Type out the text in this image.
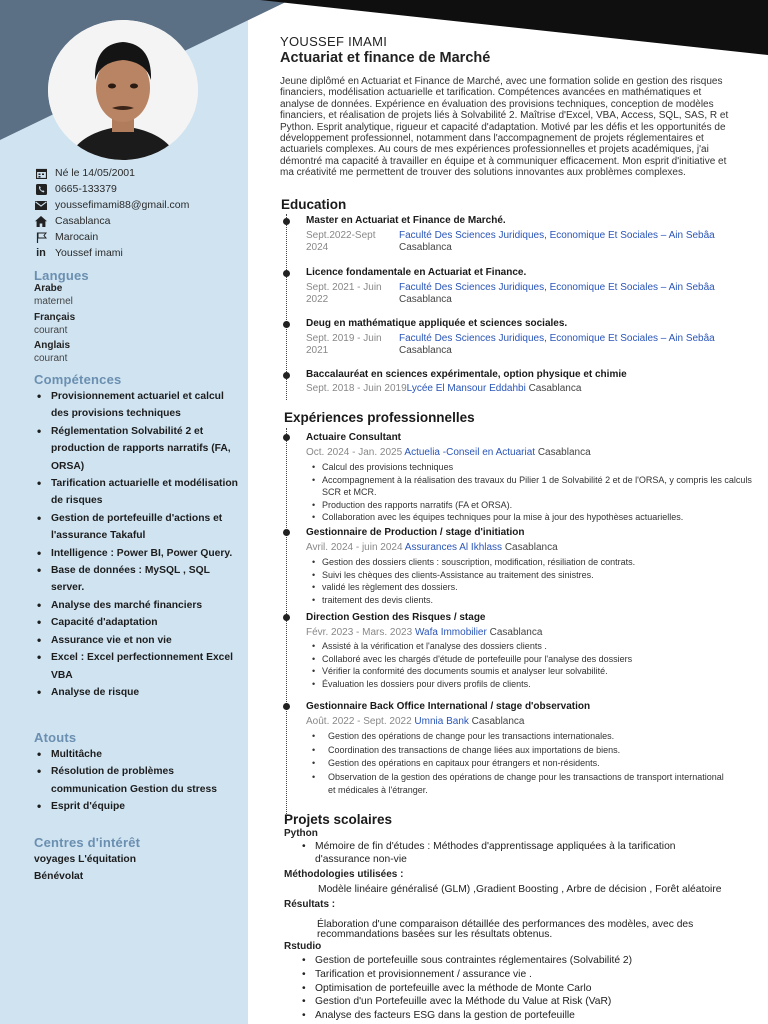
Né le 14/05/2001
0665-133379
youssefimami88@gmail.com
Casablanca
Marocain
in Youssef imami
Langues
Arabe
maternel
Français
courant
Anglais
courant
Compétences
• Provisionnement actuariel et calcul des provisions techniques
• Réglementation Solvabilité 2 et production de rapports narratifs (FA, ORSA)
• Tarification actuarielle et modélisation de risques
• Gestion de portefeuille d'actions et l'assurance Takaful
• Intelligence : Power BI, Power Query.
• Base de données : MySQL , SQL server.
• Analyse des marché financiers
• Capacité d'adaptation
• Assurance vie et non vie
• Excel : Excel perfectionnement Excel VBA
• Analyse de risque
Atouts
• Multitâche
• Résolution de problèmes communication Gestion du stress
• Esprit d'équipe
Centres d'intérêt
voyages L'équitation
Bénévolat
YOUSSEF IMAMI
Actuariat et finance de Marché
Jeune diplômé en Actuariat et Finance de Marché, avec une formation solide en gestion des risques financiers, modélisation actuarielle et tarification. Compétences avancées en mathématiques et analyse de données. Expérience en évaluation des provisions techniques, conception de modèles financiers, et réalisation de projets liés à Solvabilité 2. Maîtrise d'Excel, VBA, Access, SQL, SAS, R et Python. Esprit analytique, rigueur et capacité d'adaptation. Motivé par les défis et les opportunités de développement professionnel, notamment dans l'accompagnement de projets réglementaires et actuariels complexes. Au cours de mes expériences professionnelles et projets académiques, j'ai démontré ma capacité à travailler en équipe et à communiquer efficacement. Mon esprit d'initiative et ma créativité me permettent de trouver des solutions innovantes aux problèmes complexes.
Education
Master en Actuariat et Finance de Marché.
Sept.2022-Sept 2024
Faculté Des Sciences Juridiques, Economique Et Sociales – Ain Sebâa Casablanca
Licence fondamentale en Actuariat et Finance.
Sept. 2021 - Juin 2022
Faculté Des Sciences Juridiques, Economique Et Sociales – Ain Sebâa Casablanca
Deug en mathématique appliquée et sciences sociales.
Sept. 2019 - Juin 2021
Faculté Des Sciences Juridiques, Economique Et Sociales – Ain Sebâa Casablanca
Baccalauréat en sciences expérimentale, option physique et chimie
Sept. 2018 - Juin 2019Lycée El Mansour Eddahbi Casablanca
Expériences professionnelles
Actuaire Consultant
Oct. 2024 - Jan. 2025 Actuelia -Conseil en Actuariat Casablanca
• Calcul des provisions techniques
• Accompagnement à la réalisation des travaux du Pilier 1 de Solvabilité 2 et de l'ORSA, y compris les calculs SCR et MCR.
• Production des rapports narratifs (FA et ORSA).
• Collaboration avec les équipes techniques pour la mise à jour des hypothèses actuarielles.
Gestionnaire de Production / stage d'initiation
Avril. 2024 - juin 2024 Assurances Al Ikhlass Casablanca
• Gestion des dossiers clients : souscription, modification, résiliation de contrats.
• Suivi les chèques des clients-Assistance au traitement des sinistres.
• validé les règlement des dossiers.
• traitement des devis clients.
Direction Gestion des Risques / stage
Févr. 2023 - Mars. 2023 Wafa Immobilier Casablanca
• Assisté à la vérification et l'analyse des dossiers clients .
• Collaboré avec les chargés d'étude de portefeuille pour l'analyse des dossiers
• Vérifier la conformité des documents soumis et analyser leur solvabilité.
• Évaluation les dossiers pour divers profils de clients.
Gestionnaire Back Office International / stage d'observation
Août. 2022 - Sept. 2022 Umnia Bank Casablanca
• Gestion des opérations de change pour les transactions internationales.
• Coordination des transactions de change liées aux importations de biens.
• Gestion des opérations en capitaux pour étrangers et non-résidents.
• Observation de la gestion des opérations de change pour les transactions de transport international et médicales à l'étranger.
Projets scolaires
Python
• Mémoire de fin d'études : Méthodes d'apprentissage appliquées à la tarification d'assurance non-vie
Méthodologies utilisées :
Modèle linéaire généralisé (GLM) ,Gradient Boosting , Arbre de décision , Forêt aléatoire
Résultats :
Élaboration d'une comparaison détaillée des performances des modèles, avec des recommandations basées sur les résultats obtenus.
Rstudio
• Gestion de portefeuille sous contraintes réglementaires (Solvabilité 2)
• Tarification et provisionnement / assurance vie .
• Optimisation de portefeuille avec la méthode de Monte Carlo
• Gestion d'un Portefeuille avec la Méthode du Value at Risk (VaR)
• Analyse des facteurs ESG dans la gestion de portefeuille
